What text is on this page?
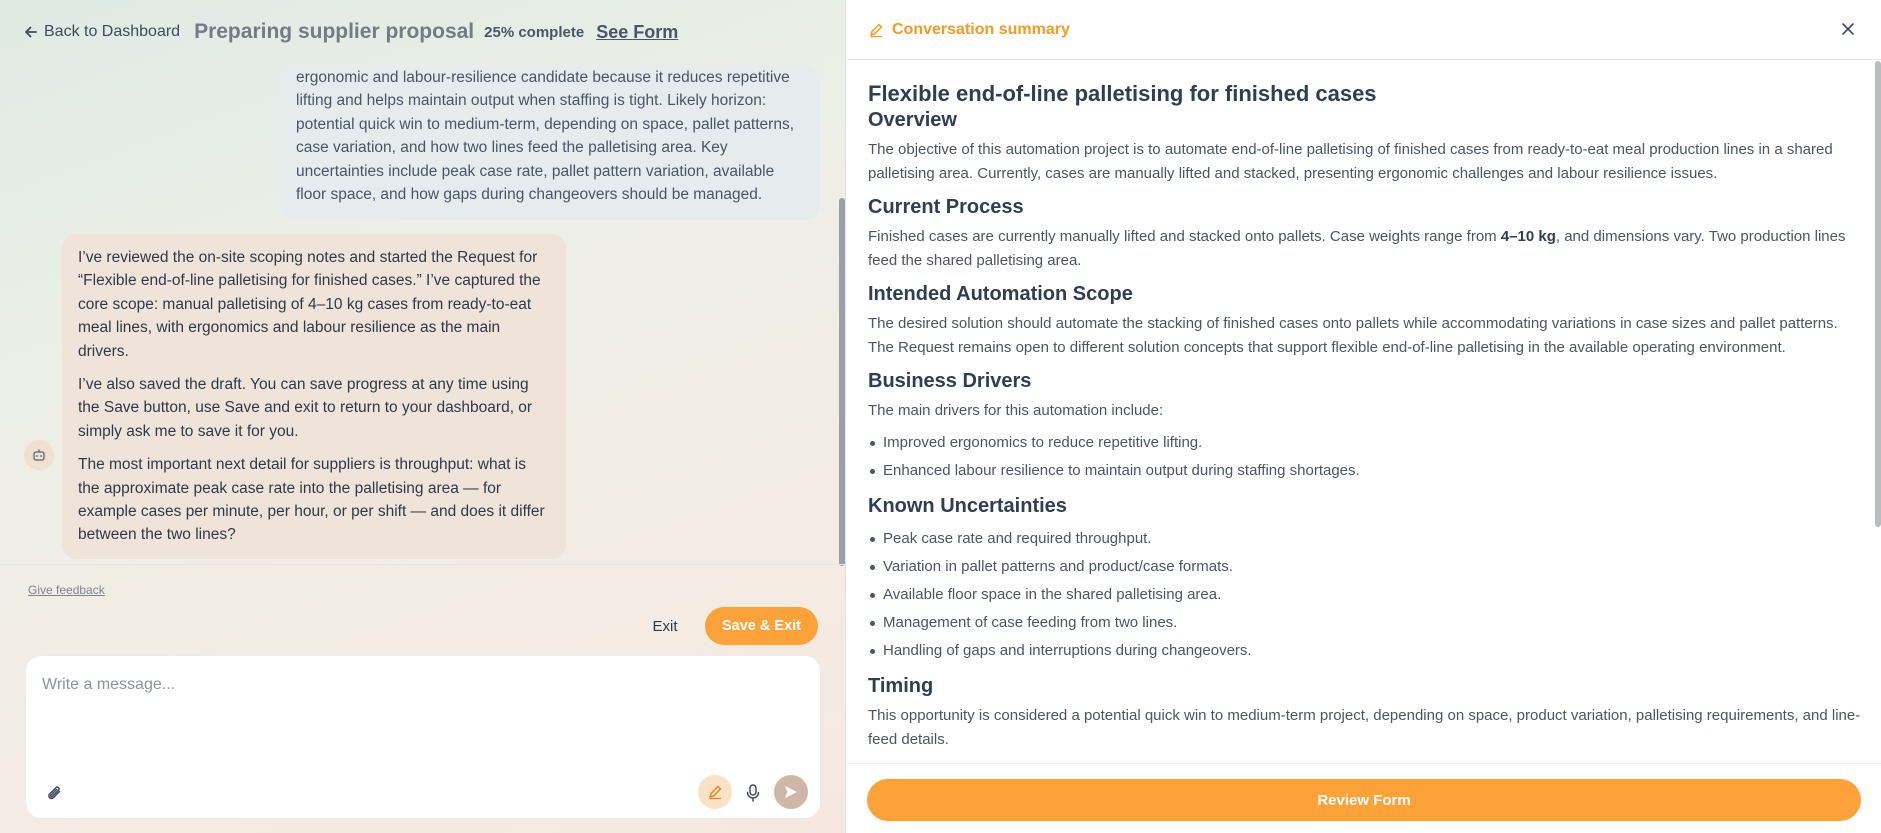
Back to Dashboard Preparing supplier proposal 25% complete See Form
ergonomic and labour-resilience candidate because it reduces repetitive lifting and helps maintain output when staffing is tight. Likely horizon: potential quick win to medium-term, depending on space, pallet patterns, case variation, and how two lines feed the palletising area. Key uncertainties include peak case rate, pallet pattern variation, available floor space, and how gaps during changeovers should be managed.

I’ve reviewed the on-site scoping notes and started the Request for “Flexible end-of-line palletising for finished cases.” I’ve captured the core scope: manual palletising of 4–10 kg cases from ready-to-eat meal lines, with ergonomics and labour resilience as the main drivers.

I’ve also saved the draft. You can save progress at any time using the Save button, use Save and exit to return to your dashboard, or simply ask me to save it for you.

The most important next detail for suppliers is throughput: what is the approximate peak case rate into the palletising area — for example cases per minute, per hour, or per shift — and does it differ between the two lines?

Give feedback
Exit	Save & Exit
Write a message...
Conversation summary
Flexible end-of-line palletising for finished cases
Overview
The objective of this automation project is to automate end-of-line palletising of finished cases from ready-to-eat meal production lines in a shared palletising area. Currently, cases are manually lifted and stacked, presenting ergonomic challenges and labour resilience issues.
Current Process
Finished cases are currently manually lifted and stacked onto pallets. Case weights range from 4–10 kg, and dimensions vary. Two production lines feed the shared palletising area.
Intended Automation Scope
The desired solution should automate the stacking of finished cases onto pallets while accommodating variations in case sizes and pallet patterns. The Request remains open to different solution concepts that support flexible end-of-line palletising in the available operating environment.
Business Drivers
The main drivers for this automation include:
Improved ergonomics to reduce repetitive lifting.
Enhanced labour resilience to maintain output during staffing shortages.
Known Uncertainties
Peak case rate and required throughput.
Variation in pallet patterns and product/case formats.
Available floor space in the shared palletising area.
Management of case feeding from two lines.
Handling of gaps and interruptions during changeovers.
Timing
This opportunity is considered a potential quick win to medium-term project, depending on space, product variation, palletising requirements, and line-feed details.
Review Form
